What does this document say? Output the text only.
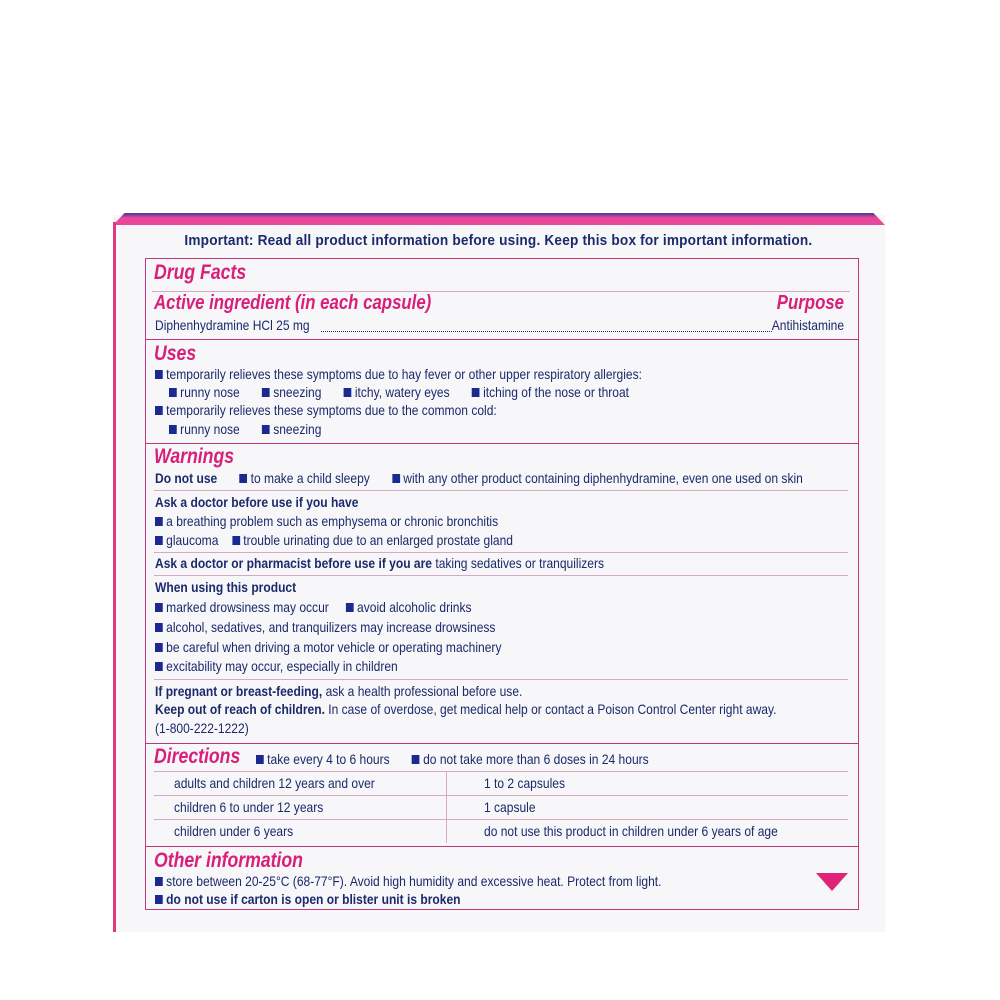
Important: Read all product information before using. Keep this box for important information.
Drug Facts
Active ingredient (in each capsule)	Purpose
Diphenhydramine HCl 25 mg	Antihistamine
Uses
temporarily relieves these symptoms due to hay fever or other upper respiratory allergies:
runny nose sneezing itchy, watery eyes itching of the nose or throat
temporarily relieves these symptoms due to the common cold:
runny nose sneezing
Warnings
Do not use to make a child sleepy with any other product containing diphenhydramine, even one used on skin
Ask a doctor before use if you have
a breathing problem such as emphysema or chronic bronchitis
glaucoma trouble urinating due to an enlarged prostate gland
Ask a doctor or pharmacist before use if you are taking sedatives or tranquilizers
When using this product
marked drowsiness may occur avoid alcoholic drinks
alcohol, sedatives, and tranquilizers may increase drowsiness
be careful when driving a motor vehicle or operating machinery
excitability may occur, especially in children
If pregnant or breast-feeding, ask a health professional before use.
Keep out of reach of children. In case of overdose, get medical help or contact a Poison Control Center right away.
(1-800-222-1222)
Directions	take every 4 to 6 hours do not take more than 6 doses in 24 hours
adults and children 12 years and over	1 to 2 capsules
children 6 to under 12 years	1 capsule
children under 6 years	do not use this product in children under 6 years of age
Other information
store between 20-25°C (68-77°F). Avoid high humidity and excessive heat. Protect from light.
do not use if carton is open or blister unit is broken
